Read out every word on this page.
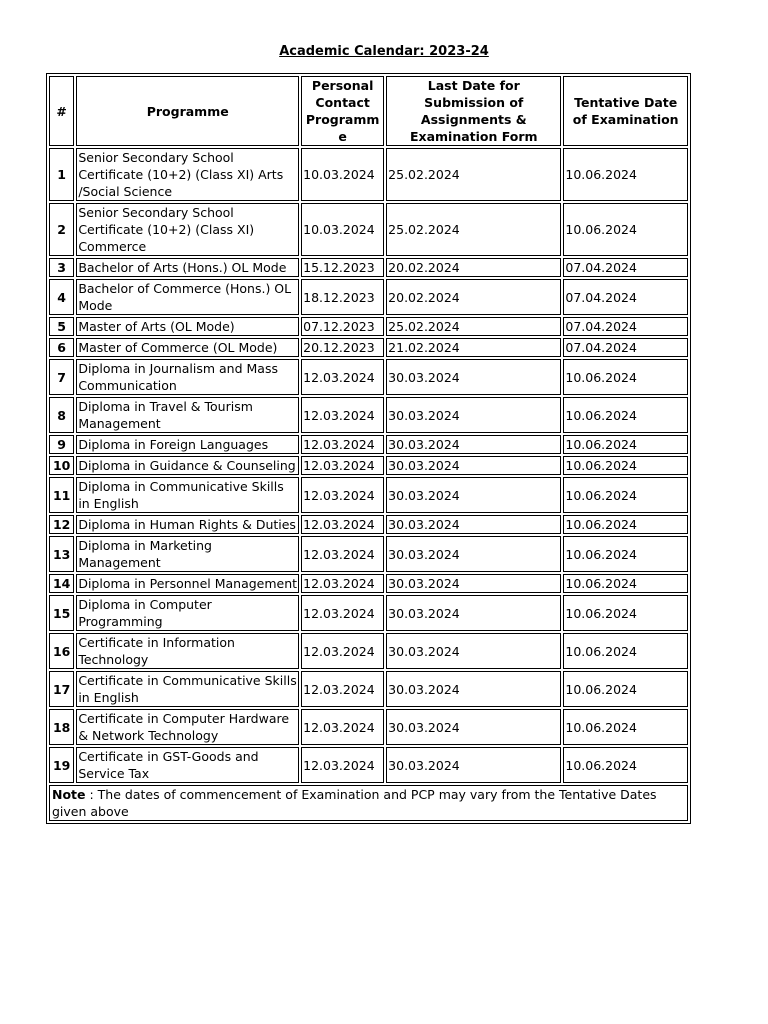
Academic Calendar: 2023-24
#	Programme	Personal Contact Programme	Last Date for Submission of Assignments & Examination Form	Tentative Date of Examination
1	Senior Secondary School Certificate (10+2) (Class XI) Arts /Social Science	10.03.2024	25.02.2024	10.06.2024
2	Senior Secondary School Certificate (10+2) (Class XI) Commerce	10.03.2024	25.02.2024	10.06.2024
3	Bachelor of Arts (Hons.) OL Mode	15.12.2023	20.02.2024	07.04.2024
4	Bachelor of Commerce (Hons.) OL Mode	18.12.2023	20.02.2024	07.04.2024
5	Master of Arts (OL Mode)	07.12.2023	25.02.2024	07.04.2024
6	Master of Commerce (OL Mode)	20.12.2023	21.02.2024	07.04.2024
7	Diploma in Journalism and Mass Communication	12.03.2024	30.03.2024	10.06.2024
8	Diploma in Travel & Tourism Management	12.03.2024	30.03.2024	10.06.2024
9	Diploma in Foreign Languages	12.03.2024	30.03.2024	10.06.2024
10	Diploma in Guidance & Counseling	12.03.2024	30.03.2024	10.06.2024
11	Diploma in Communicative Skills in English	12.03.2024	30.03.2024	10.06.2024
12	Diploma in Human Rights & Duties	12.03.2024	30.03.2024	10.06.2024
13	Diploma in Marketing Management	12.03.2024	30.03.2024	10.06.2024
14	Diploma in Personnel Management	12.03.2024	30.03.2024	10.06.2024
15	Diploma in Computer Programming	12.03.2024	30.03.2024	10.06.2024
16	Certificate in Information Technology	12.03.2024	30.03.2024	10.06.2024
17	Certificate in Communicative Skills in English	12.03.2024	30.03.2024	10.06.2024
18	Certificate in Computer Hardware & Network Technology	12.03.2024	30.03.2024	10.06.2024
19	Certificate in GST-Goods and Service Tax	12.03.2024	30.03.2024	10.06.2024
Note : The dates of commencement of Examination and PCP may vary from the Tentative Dates given above				
